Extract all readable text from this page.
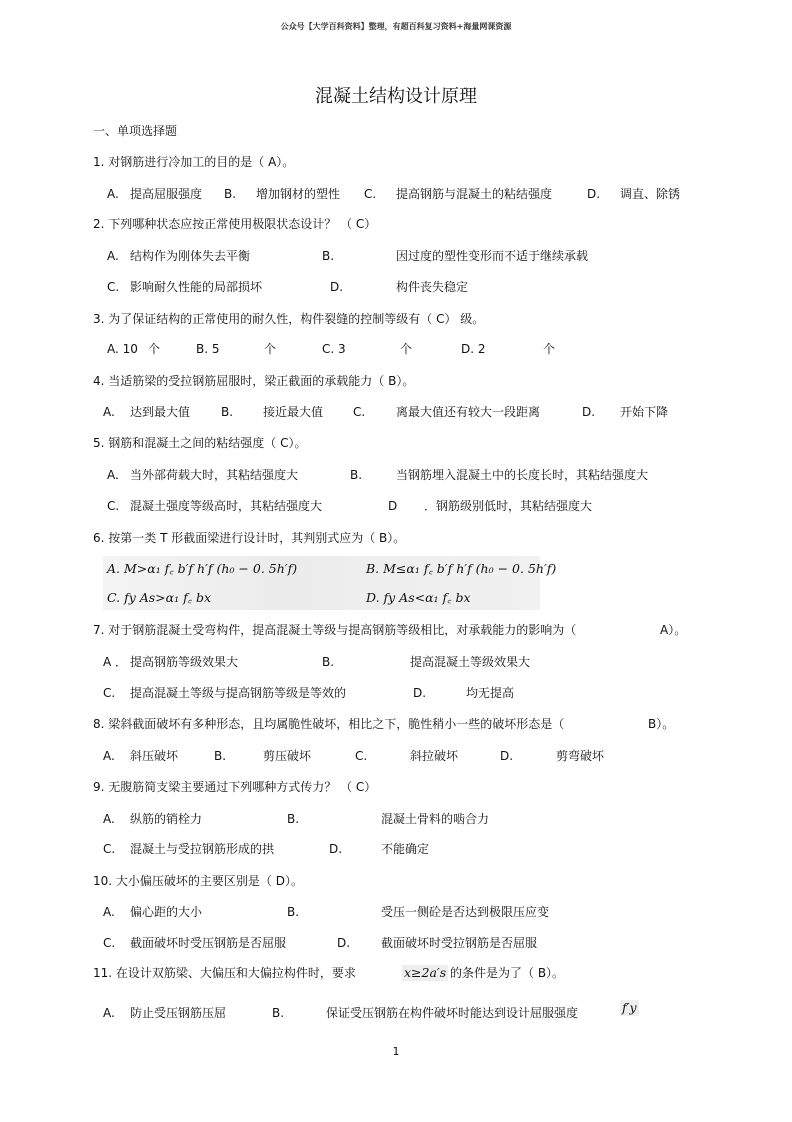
公众号【大学百科资料】整理，有超百科复习资料+海量网课资源
混凝土结构设计原理
一、单项选择题
1. 对钢筋进行冷加工的目的是（ A）。
A. 提高屈服强度 B. 增加钢材的塑性 C. 提高钢筋与混凝土的粘结强度	D. 调直、除锈
2. 下列哪种状态应按正常使用极限状态设计？ （ C）
A. 结构作为刚体失去平衡	B.	因过度的塑性变形而不适于继续承载
C. 影响耐久性能的局部损坏	D.	构件丧失稳定
3. 为了保证结构的正常使用的耐久性，构件裂缝的控制等级有（ C） 级。
A. 10 个	B. 5	个	C. 3	个	D. 2	个
4. 当适筋梁的受拉钢筋屈服时，梁正截面的承载能力（ B）。
A. 达到最大值	B. 接近最大值 C.	离最大值还有较大一段距离	D. 开始下降
5. 钢筋和混凝土之间的粘结强度（ C）。
A. 当外部荷载大时，其粘结强度大	B.	当钢筋埋入混凝土中的长度长时，其粘结强度大
C. 混凝土强度等级高时，其粘结强度大	D ．钢筋级别低时，其粘结强度大
6. 按第一类 T 形截面梁进行设计时，其判别式应为（ B）。
A. M>α₁ f꜀ b′f h′f (h₀ − 0. 5h′f)	B. M≤α₁ f꜀ b′f h′f (h₀ − 0. 5h′f)
C. fy As>α₁ f꜀ bx	D. fy As<α₁ f꜀ bx
7. 对于钢筋混凝土受弯构件，提高混凝土等级与提高钢筋等级相比，对承载能力的影响为（	A）。
A ． 提高钢筋等级效果大	B.	提高混凝土等级效果大
C. 提高混凝土等级与提高钢筋等级是等效的	D.	均无提高
8. 梁斜截面破坏有多种形态，且均属脆性破坏，相比之下，脆性稍小一些的破坏形态是（	B）。
A. 斜压破坏	B.	剪压破坏	C.	斜拉破坏	D.	剪弯破坏
9. 无腹筋简支梁主要通过下列哪种方式传力？ （ C）
A. 纵筋的销栓力	B.	混凝土骨料的啮合力
C. 混凝土与受拉钢筋形成的拱	D.	不能确定
10. 大小偏压破坏的主要区别是（ D）。
A. 偏心距的大小	B.	受压一侧砼是否达到极限压应变
C. 截面破坏时受压钢筋是否屈服	D.	截面破坏时受拉钢筋是否屈服
11. 在设计双筋梁、大偏压和大偏拉构件时，要求	x≥2a′s 的条件是为了（ B）。
A. 防止受压钢筋压屈	B.	保证受压钢筋在构件破坏时能达到设计屈服强度	f′y
1
